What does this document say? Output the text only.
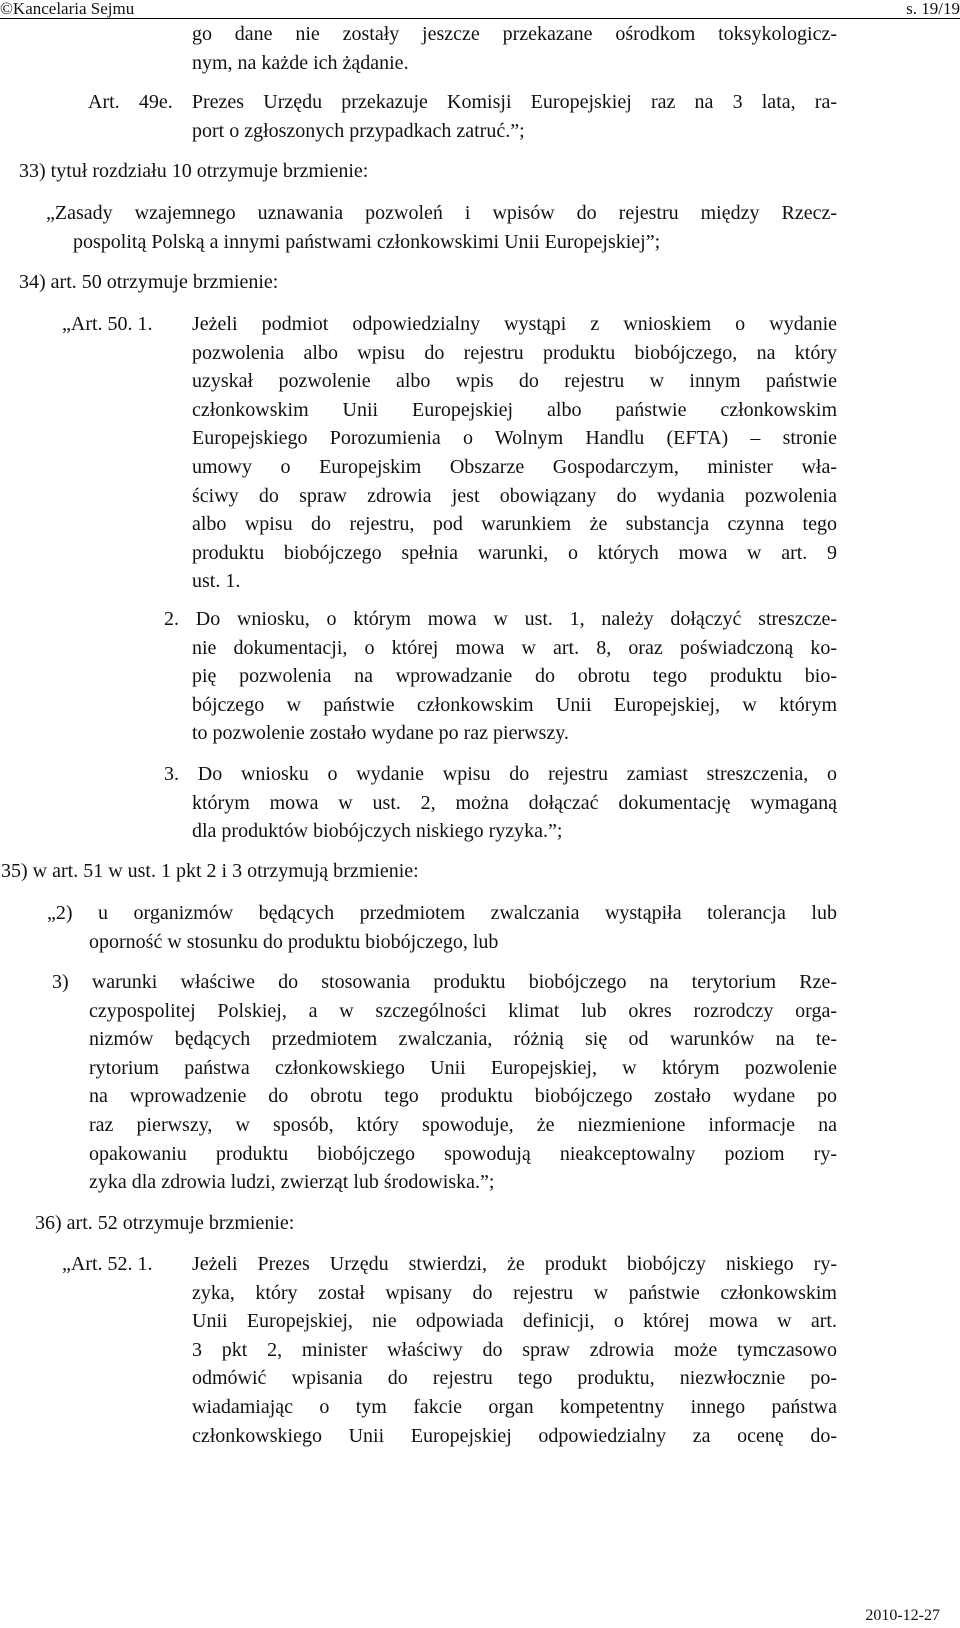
©Kancelaria Sejmu	s. 19/19
go dane nie zostały jeszcze przekazane ośrodkom toksykologicz-
nym, na każde ich żądanie.
Art. 49e. Prezes Urzędu przekazuje Komisji Europejskiej raz na 3 lata, ra-
port o zgłoszonych przypadkach zatruć.”;
33) tytuł rozdziału 10 otrzymuje brzmienie:
„Zasady wzajemnego uznawania pozwoleń i wpisów do rejestru między Rzecz-
pospolitą Polską a innymi państwami członkowskimi Unii Europejskiej”;
34) art. 50 otrzymuje brzmienie:
„Art. 50. 1.	Jeżeli podmiot odpowiedzialny wystąpi z wnioskiem o wydanie
pozwolenia albo wpisu do rejestru produktu biobójczego, na który
uzyskał pozwolenie albo wpis do rejestru w innym państwie
członkowskim Unii Europejskiej albo państwie członkowskim
Europejskiego Porozumienia o Wolnym Handlu (EFTA) – stronie
umowy o Europejskim Obszarze Gospodarczym, minister wła-
ściwy do spraw zdrowia jest obowiązany do wydania pozwolenia
albo wpisu do rejestru, pod warunkiem że substancja czynna tego
produktu biobójczego spełnia warunki, o których mowa w art. 9
ust. 1.
2. Do wniosku, o którym mowa w ust. 1, należy dołączyć streszcze-
nie dokumentacji, o której mowa w art. 8, oraz poświadczoną ko-
pię pozwolenia na wprowadzanie do obrotu tego produktu bio-
bójczego w państwie członkowskim Unii Europejskiej, w którym
to pozwolenie zostało wydane po raz pierwszy.
3. Do wniosku o wydanie wpisu do rejestru zamiast streszczenia, o
którym mowa w ust. 2, można dołączać dokumentację wymaganą
dla produktów biobójczych niskiego ryzyka.”;
35) w art. 51 w ust. 1 pkt 2 i 3 otrzymują brzmienie:
„2) u organizmów będących przedmiotem zwalczania wystąpiła tolerancja lub
oporność w stosunku do produktu biobójczego, lub
3) warunki właściwe do stosowania produktu biobójczego na terytorium Rze-
czypospolitej Polskiej, a w szczególności klimat lub okres rozrodczy orga-
nizmów będących przedmiotem zwalczania, różnią się od warunków na te-
rytorium państwa członkowskiego Unii Europejskiej, w którym pozwolenie
na wprowadzenie do obrotu tego produktu biobójczego zostało wydane po
raz pierwszy, w sposób, który spowoduje, że niezmienione informacje na
opakowaniu produktu biobójczego spowodują nieakceptowalny poziom ry-
zyka dla zdrowia ludzi, zwierząt lub środowiska.”;
36) art. 52 otrzymuje brzmienie:
„Art. 52. 1.	Jeżeli Prezes Urzędu stwierdzi, że produkt biobójczy niskiego ry-
zyka, który został wpisany do rejestru w państwie członkowskim
Unii Europejskiej, nie odpowiada definicji, o której mowa w art.
3 pkt 2, minister właściwy do spraw zdrowia może tymczasowo
odmówić wpisania do rejestru tego produktu, niezwłocznie po-
wiadamiając o tym fakcie organ kompetentny innego państwa
członkowskiego Unii Europejskiej odpowiedzialny za ocenę do-
2010-12-27
